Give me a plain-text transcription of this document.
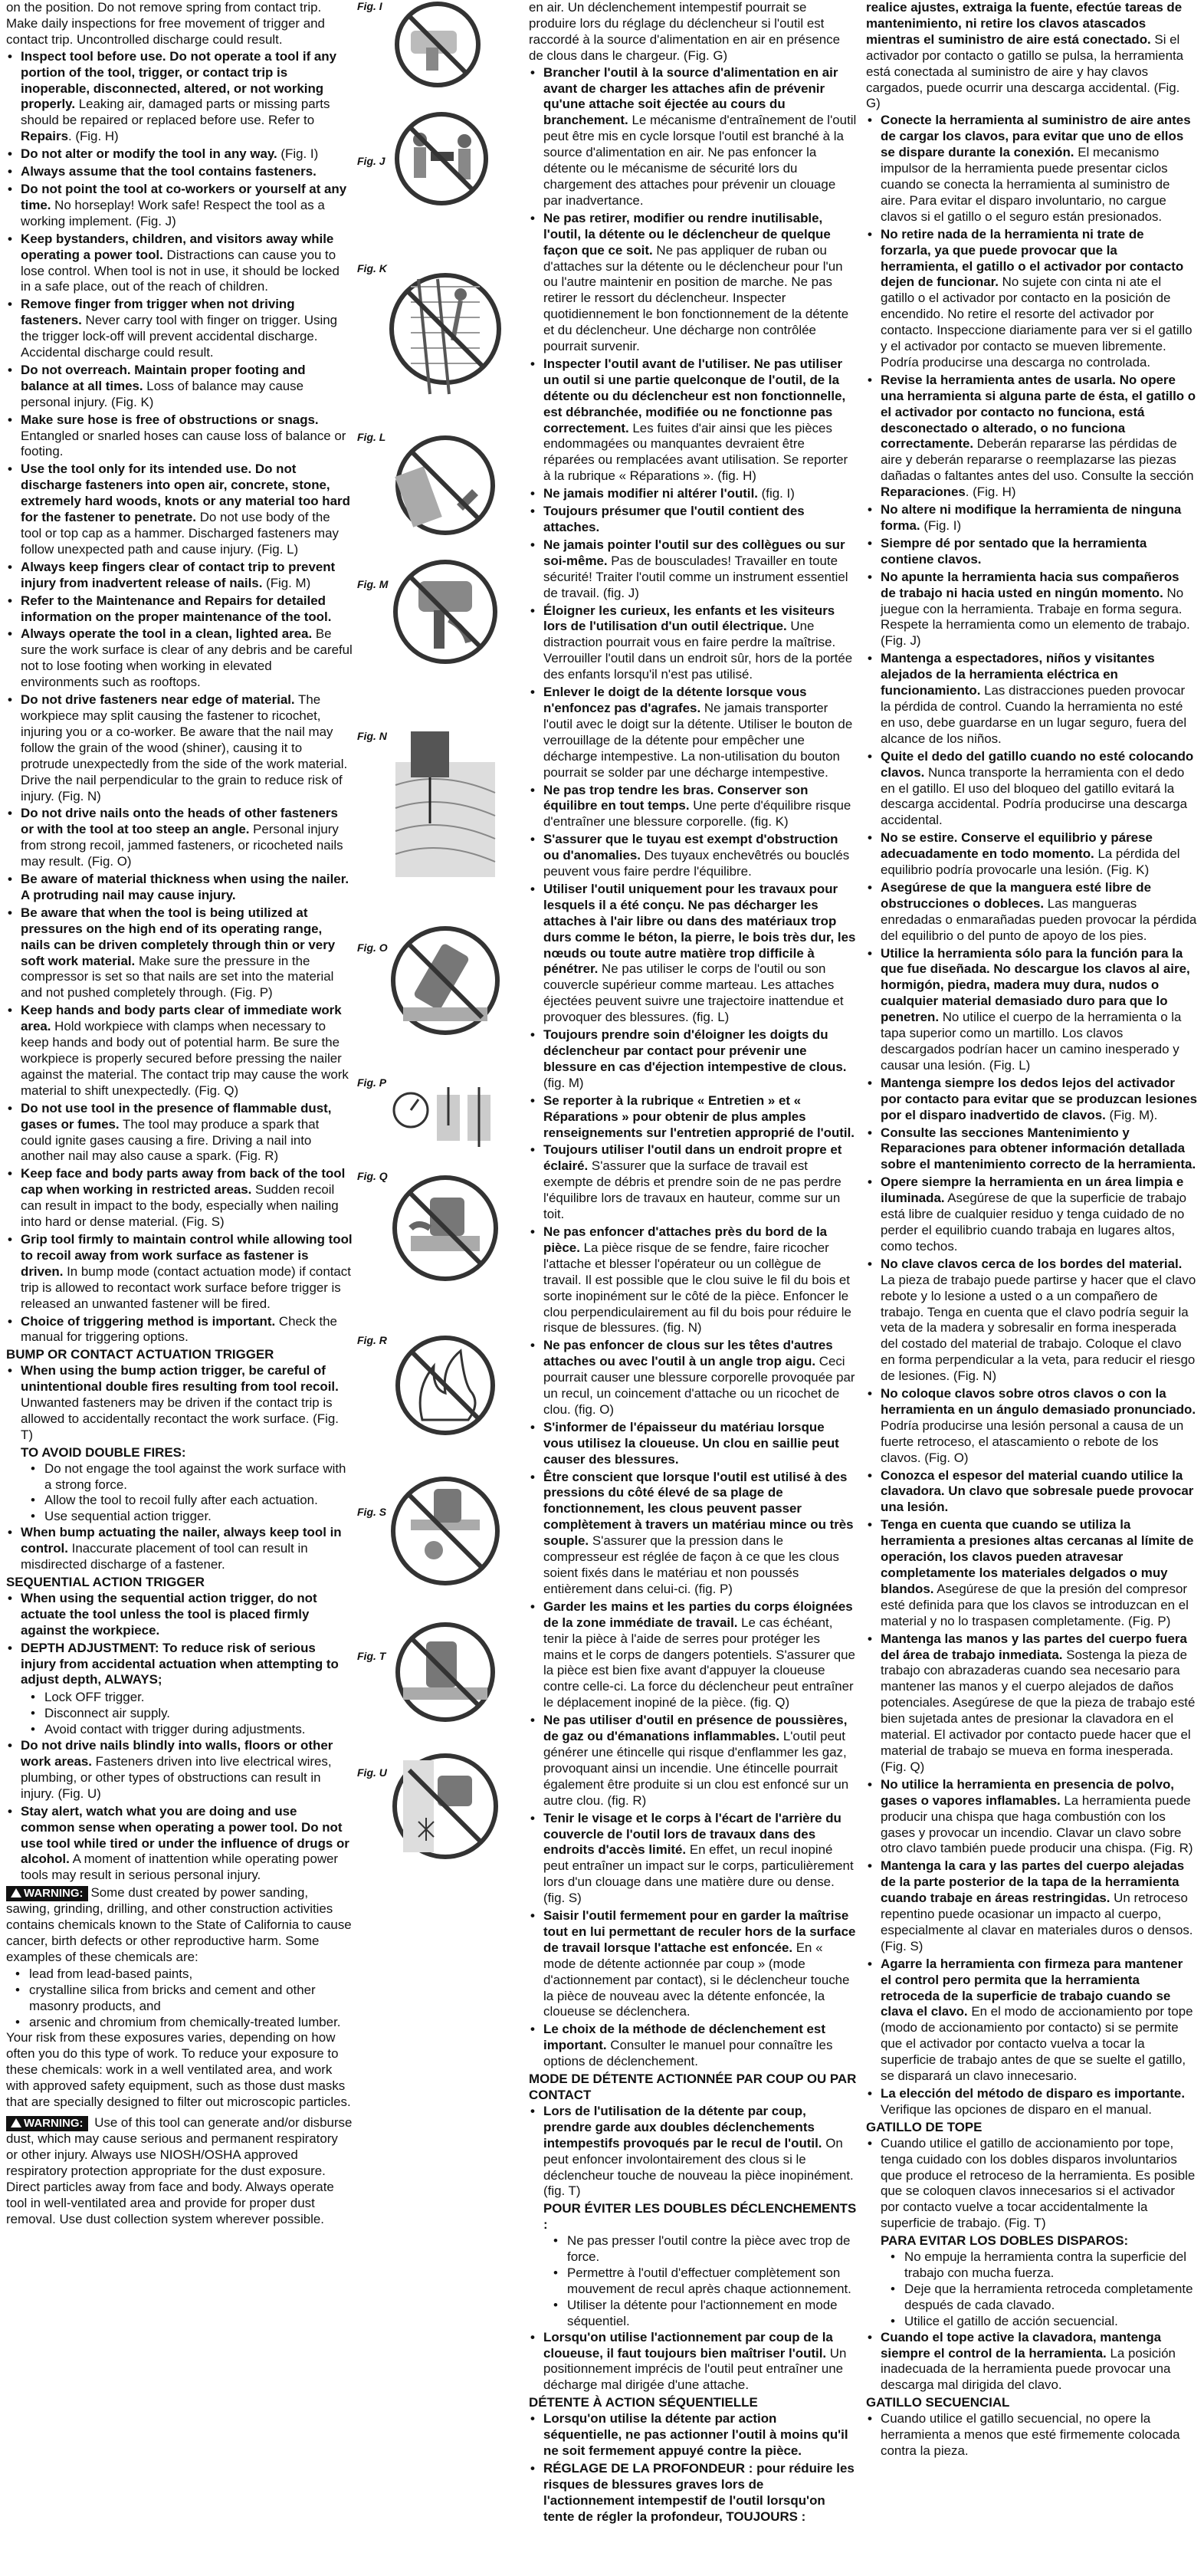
on the position. Do not remove spring from contact trip. Make daily inspections for free movement of trigger and contact trip. Uncontrolled discharge could result.

• Inspect tool before use. Do not operate a tool if any portion of the tool, trigger, or contact trip is inoperable, disconnected, altered, or not working properly. Leaking air, damaged parts or missing parts should be repaired or replaced before use. Refer to Repairs. (Fig. H)
• Do not alter or modify the tool in any way. (Fig. I)
• Always assume that the tool contains fasteners.
• Do not point the tool at co-workers or yourself at any time. No horseplay! Work safe! Respect the tool as a working implement. (Fig. J)
• Keep bystanders, children, and visitors away while operating a power tool. Distractions can cause you to lose control. When tool is not in use, it should be locked in a safe place, out of the reach of children.
• Remove finger from trigger when not driving fasteners. Never carry tool with finger on trigger. Using the trigger lock-off will prevent accidental discharge. Accidental discharge could result.
• Do not overreach. Maintain proper footing and balance at all times. Loss of balance may cause personal injury. (Fig. K)
• Make sure hose is free of obstructions or snags. Entangled or snarled hoses can cause loss of balance or footing.
• Use the tool only for its intended use. Do not discharge fasteners into open air, concrete, stone, extremely hard woods, knots or any material too hard for the fastener to penetrate. Do not use body of the tool or top cap as a hammer. Discharged fasteners may follow unexpected path and cause injury. (Fig. L)
• Always keep fingers clear of contact trip to prevent injury from inadvertent release of nails. (Fig. M)
• Refer to the Maintenance and Repairs for detailed information on the proper maintenance of the tool.
• Always operate the tool in a clean, lighted area. Be sure the work surface is clear of any debris and be careful not to lose footing when working in elevated environments such as rooftops.
• Do not drive fasteners near edge of material. The workpiece may split causing the fastener to ricochet, injuring you or a co-worker. Be aware that the nail may follow the grain of the wood (shiner), causing it to protrude unexpectedly from the side of the work material. Drive the nail perpendicular to the grain to reduce risk of injury. (Fig. N)
• Do not drive nails onto the heads of other fasteners or with the tool at too steep an angle. Personal injury from strong recoil, jammed fasteners, or ricocheted nails may result. (Fig. O)
• Be aware of material thickness when using the nailer. A protruding nail may cause injury.
• Be aware that when the tool is being utilized at pressures on the high end of its operating range, nails can be driven completely through thin or very soft work material. Make sure the pressure in the compressor is set so that nails are set into the material and not pushed completely through. (Fig. P)
• Keep hands and body parts clear of immediate work area. Hold workpiece with clamps when necessary to keep hands and body out of potential harm. Be sure the workpiece is properly secured before pressing the nailer against the material. The contact trip may cause the work material to shift unexpectedly. (Fig. Q)
• Do not use tool in the presence of flammable dust, gases or fumes. The tool may produce a spark that could ignite gases causing a fire. Driving a nail into another nail may also cause a spark. (Fig. R)
• Keep face and body parts away from back of the tool cap when working in restricted areas. Sudden recoil can result in impact to the body, especially when nailing into hard or dense material. (Fig. S)
• Grip tool firmly to maintain control while allowing tool to recoil away from work surface as fastener is driven. In bump mode (contact actuation mode) if contact trip is allowed to recontact work surface before trigger is released an unwanted fastener will be fired.
• Choice of triggering method is important. Check the manual for triggering options.
BUMP OR CONTACT ACTUATION TRIGGER
• When using the bump action trigger, be careful of unintentional double fires resulting from tool recoil. Unwanted fasteners may be driven if the contact trip is allowed to accidentally recontact the work surface. (Fig. T)
TO AVOID DOUBLE FIRES:
• Do not engage the tool against the work surface with a strong force.
• Allow the tool to recoil fully after each actuation.
• Use sequential action trigger.
• When bump actuating the nailer, always keep tool in control. Inaccurate placement of tool can result in misdirected discharge of a fastener.
SEQUENTIAL ACTION TRIGGER
• When using the sequential action trigger, do not actuate the tool unless the tool is placed firmly against the workpiece.
• DEPTH ADJUSTMENT: To reduce risk of serious injury from accidental actuation when attempting to adjust depth, ALWAYS;
• Lock OFF trigger.
• Disconnect air supply.
• Avoid contact with trigger during adjustments.
• Do not drive nails blindly into walls, floors or other work areas. Fasteners driven into live electrical wires, plumbing, or other types of obstructions can result in injury. (Fig. U)
• Stay alert, watch what you are doing and use common sense when operating a power tool. Do not use tool while tired or under the influence of drugs or alcohol. A moment of inattention while operating power tools may result in serious personal injury.

WARNING: Some dust created by power sanding, sawing, grinding, drilling, and other construction activities contains chemicals known to the State of California to cause cancer, birth defects or other reproductive harm. Some examples of these chemicals are:

• lead from lead-based paints,
• crystalline silica from bricks and cement and other masonry products, and
• arsenic and chromium from chemically-treated lumber.

Your risk from these exposures varies, depending on how often you do this type of work. To reduce your exposure to these chemicals: work in a well ventilated area, and work with approved safety equipment, such as those dust masks that are specially designed to filter out microscopic particles.

WARNING: Use of this tool can generate and/or disburse dust, which may cause serious and permanent respiratory or other injury. Always use NIOSH/OSHA approved respiratory protection appropriate for the dust exposure. Direct particles away from face and body. Always operate tool in well-ventilated area and provide for proper dust removal. Use dust collection system wherever possible.

Fig. I
Fig. J
Fig. K
Fig. L
Fig. M
Fig. N
Fig. O
Fig. P
Fig. Q
Fig. R
Fig. S
Fig. T
Fig. U

en air. Un déclenchement intempestif pourrait se produire lors du réglage du déclencheur si l'outil est raccordé à la source d'alimentation en air en présence de clous dans le chargeur. (Fig. G)

• Brancher l'outil à la source d'alimentation en air avant de charger les attaches afin de prévenir qu'une attache soit éjectée au cours du branchement. Le mécanisme d'entraînement de l'outil peut être mis en cycle lorsque l'outil est branché à la source d'alimentation en air. Ne pas enfoncer la détente ou le mécanisme de sécurité lors du chargement des attaches pour prévenir un clouage par inadvertance.
• Ne pas retirer, modifier ou rendre inutilisable, l'outil, la détente ou le déclencheur de quelque façon que ce soit. Ne pas appliquer de ruban ou d'attaches sur la détente ou le déclencheur pour l'un ou l'autre maintenir en position de marche. Ne pas retirer le ressort du déclencheur. Inspecter quotidiennement le bon fonctionnement de la détente et du déclencheur. Une décharge non contrôlée pourrait survenir.
• Inspecter l'outil avant de l'utiliser. Ne pas utiliser un outil si une partie quelconque de l'outil, de la détente ou du déclencheur est non fonctionnelle, est débranchée, modifiée ou ne fonctionne pas correctement. Les fuites d'air ainsi que les pièces endommagées ou manquantes devraient être réparées ou remplacées avant utilisation. Se reporter à la rubrique « Réparations ». (fig. H)
• Ne jamais modifier ni altérer l'outil. (fig. I)
• Toujours présumer que l'outil contient des attaches.
• Ne jamais pointer l'outil sur des collègues ou sur soi-même. Pas de bousculades! Travailler en toute sécurité! Traiter l'outil comme un instrument essentiel de travail. (fig. J)
• Éloigner les curieux, les enfants et les visiteurs lors de l'utilisation d'un outil électrique. Une distraction pourrait vous en faire perdre la maîtrise. Verrouiller l'outil dans un endroit sûr, hors de la portée des enfants lorsqu'il n'est pas utilisé.
• Enlever le doigt de la détente lorsque vous n'enfoncez pas d'agrafes. Ne jamais transporter l'outil avec le doigt sur la détente. Utiliser le bouton de verrouillage de la détente pour empêcher une décharge intempestive. La non-utilisation du bouton pourrait se solder par une décharge intempestive.
• Ne pas trop tendre les bras. Conserver son équilibre en tout temps. Une perte d'équilibre risque d'entraîner une blessure corporelle. (fig. K)
• S'assurer que le tuyau est exempt d'obstruction ou d'anomalies. Des tuyaux enchevêtrés ou bouclés peuvent vous faire perdre l'équilibre.
• Utiliser l'outil uniquement pour les travaux pour lesquels il a été conçu. Ne pas décharger les attaches à l'air libre ou dans des matériaux trop durs comme le béton, la pierre, le bois très dur, les nœuds ou toute autre matière trop difficile à pénétrer. Ne pas utiliser le corps de l'outil ou son couvercle supérieur comme marteau. Les attaches éjectées peuvent suivre une trajectoire inattendue et provoquer des blessures. (fig. L)
• Toujours prendre soin d'éloigner les doigts du déclencheur par contact pour prévenir une blessure en cas d'éjection intempestive de clous. (fig. M)
• Se reporter à la rubrique « Entretien » et « Réparations » pour obtenir de plus amples renseignements sur l'entretien approprié de l'outil.
• Toujours utiliser l'outil dans un endroit propre et éclairé. S'assurer que la surface de travail est exempte de débris et prendre soin de ne pas perdre l'équilibre lors de travaux en hauteur, comme sur un toit.
• Ne pas enfoncer d'attaches près du bord de la pièce. La pièce risque de se fendre, faire ricocher l'attache et blesser l'opérateur ou un collègue de travail. Il est possible que le clou suive le fil du bois et sorte inopinément sur le côté de la pièce. Enfoncer le clou perpendiculairement au fil du bois pour réduire le risque de blessures. (fig. N)
• Ne pas enfoncer de clous sur les têtes d'autres attaches ou avec l'outil à un angle trop aigu. Ceci pourrait causer une blessure corporelle provoquée par un recul, un coincement d'attache ou un ricochet de clou. (fig. O)
• S'informer de l'épaisseur du matériau lorsque vous utilisez la cloueuse. Un clou en saillie peut causer des blessures.
• Être conscient que lorsque l'outil est utilisé à des pressions du côté élevé de sa plage de fonctionnement, les clous peuvent passer complètement à travers un matériau mince ou très souple. S'assurer que la pression dans le compresseur est réglée de façon à ce que les clous soient fixés dans le matériau et non poussés entièrement dans celui-ci. (fig. P)
• Garder les mains et les parties du corps éloignées de la zone immédiate de travail. Le cas échéant, tenir la pièce à l'aide de serres pour protéger les mains et le corps de dangers potentiels. S'assurer que la pièce est bien fixe avant d'appuyer la cloueuse contre celle-ci. La force du déclencheur peut entraîner le déplacement inopiné de la pièce. (fig. Q)
• Ne pas utiliser d'outil en présence de poussières, de gaz ou d'émanations inflammables. L'outil peut générer une étincelle qui risque d'enflammer les gaz, provoquant ainsi un incendie. Une étincelle pourrait également être produite si un clou est enfoncé sur un autre clou. (fig. R)
• Tenir le visage et le corps à l'écart de l'arrière du couvercle de l'outil lors de travaux dans des endroits d'accès limité. En effet, un recul inopiné peut entraîner un impact sur le corps, particulièrement lors d'un clouage dans une matière dure ou dense. (fig. S)
• Saisir l'outil fermement pour en garder la maîtrise tout en lui permettant de reculer hors de la surface de travail lorsque l'attache est enfoncée. En « mode de détente actionnée par coup » (mode d'actionnement par contact), si le déclencheur touche la pièce de nouveau avec la détente enfoncée, la cloueuse se déclenchera.
• Le choix de la méthode de déclenchement est important. Consulter le manuel pour connaître les options de déclenchement.
MODE DE DÉTENTE ACTIONNÉE PAR COUP OU PAR CONTACT
• Lors de l'utilisation de la détente par coup, prendre garde aux doubles déclenchements intempestifs provoqués par le recul de l'outil. On peut enfoncer involontairement des clous si le déclencheur touche de nouveau la pièce inopinément. (fig. T)
POUR ÉVITER LES DOUBLES DÉCLENCHEMENTS :
• Ne pas presser l'outil contre la pièce avec trop de force.
• Permettre à l'outil d'effectuer complètement son mouvement de recul après chaque actionnement.
• Utiliser la détente pour l'actionnement en mode séquentiel.
• Lorsqu'on utilise l'actionnement par coup de la cloueuse, il faut toujours bien maîtriser l'outil. Un positionnement imprécis de l'outil peut entraîner une décharge mal dirigée d'une attache.
DÉTENTE À ACTION SÉQUENTIELLE
• Lorsqu'on utilise la détente par action séquentielle, ne pas actionner l'outil à moins qu'il ne soit fermement appuyé contre la pièce.
• RÉGLAGE DE LA PROFONDEUR : pour réduire les risques de blessures graves lors de l'actionnement intempestif de l'outil lorsqu'on tente de régler la profondeur, TOUJOURS :

realice ajustes, extraiga la fuente, efectúe tareas de mantenimiento, ni retire los clavos atascados mientras el suministro de aire está conectado. Si el activador por contacto o gatillo se pulsa, la herramienta está conectada al suministro de aire y hay clavos cargados, puede ocurrir una descarga accidental. (Fig. G)

• Conecte la herramienta al suministro de aire antes de cargar los clavos, para evitar que uno de ellos se dispare durante la conexión. El mecanismo impulsor de la herramienta puede presentar ciclos cuando se conecta la herramienta al suministro de aire. Para evitar el disparo involuntario, no cargue clavos si el gatillo o el seguro están presionados.
• No retire nada de la herramienta ni trate de forzarla, ya que puede provocar que la herramienta, el gatillo o el activador por contacto dejen de funcionar. No sujete con cinta ni ate el gatillo o el activador por contacto en la posición de encendido. No retire el resorte del activador por contacto. Inspeccione diariamente para ver si el gatillo y el activador por contacto se mueven libremente. Podría producirse una descarga no controlada.
• Revise la herramienta antes de usarla. No opere una herramienta si alguna parte de ésta, el gatillo o el activador por contacto no funciona, está desconectado o alterado, o no funciona correctamente. Deberán repararse las pérdidas de aire y deberán repararse o reemplazarse las piezas dañadas o faltantes antes del uso. Consulte la sección Reparaciones. (Fig. H)
• No altere ni modifique la herramienta de ninguna forma. (Fig. I)
• Siempre dé por sentado que la herramienta contiene clavos.
• No apunte la herramienta hacia sus compañeros de trabajo ni hacia usted en ningún momento. No juegue con la herramienta. Trabaje en forma segura. Respete la herramienta como un elemento de trabajo. (Fig. J)
• Mantenga a espectadores, niños y visitantes alejados de la herramienta eléctrica en funcionamiento. Las distracciones pueden provocar la pérdida de control. Cuando la herramienta no esté en uso, debe guardarse en un lugar seguro, fuera del alcance de los niños.
• Quite el dedo del gatillo cuando no esté colocando clavos. Nunca transporte la herramienta con el dedo en el gatillo. El uso del bloqueo del gatillo evitará la descarga accidental. Podría producirse una descarga accidental.
• No se estire. Conserve el equilibrio y párese adecuadamente en todo momento. La pérdida del equilibrio podría provocarle una lesión. (Fig. K)
• Asegúrese de que la manguera esté libre de obstrucciones o dobleces. Las mangueras enredadas o enmarañadas pueden provocar la pérdida del equilibrio o del punto de apoyo de los pies.
• Utilice la herramienta sólo para la función para la que fue diseñada. No descargue los clavos al aire, hormigón, piedra, madera muy dura, nudos o cualquier material demasiado duro para que lo penetren. No utilice el cuerpo de la herramienta o la tapa superior como un martillo. Los clavos descargados podrían hacer un camino inesperado y causar una lesión. (Fig. L)
• Mantenga siempre los dedos lejos del activador por contacto para evitar que se produzcan lesiones por el disparo inadvertido de clavos. (Fig. M).
• Consulte las secciones Mantenimiento y Reparaciones para obtener información detallada sobre el mantenimiento correcto de la herramienta.
• Opere siempre la herramienta en un área limpia e iluminada. Asegúrese de que la superficie de trabajo está libre de cualquier residuo y tenga cuidado de no perder el equilibrio cuando trabaja en lugares altos, como techos.
• No clave clavos cerca de los bordes del material. La pieza de trabajo puede partirse y hacer que el clavo rebote y lo lesione a usted o a un compañero de trabajo. Tenga en cuenta que el clavo podría seguir la veta de la madera y sobresalir en forma inesperada del costado del material de trabajo. Coloque el clavo en forma perpendicular a la veta, para reducir el riesgo de lesiones. (Fig. N)
• No coloque clavos sobre otros clavos o con la herramienta en un ángulo demasiado pronunciado. Podría producirse una lesión personal a causa de un fuerte retroceso, el atascamiento o rebote de los clavos. (Fig. O)
• Conozca el espesor del material cuando utilice la clavadora. Un clavo que sobresale puede provocar una lesión.
• Tenga en cuenta que cuando se utiliza la herramienta a presiones altas cercanas al límite de operación, los clavos pueden atravesar completamente los materiales delgados o muy blandos. Asegúrese de que la presión del compresor esté definida para que los clavos se introduzcan en el material y no lo traspasen completamente. (Fig. P)
• Mantenga las manos y las partes del cuerpo fuera del área de trabajo inmediata. Sostenga la pieza de trabajo con abrazaderas cuando sea necesario para mantener las manos y el cuerpo alejados de daños potenciales. Asegúrese de que la pieza de trabajo esté bien sujetada antes de presionar la clavadora en el material. El activador por contacto puede hacer que el material de trabajo se mueva en forma inesperada. (Fig. Q)
• No utilice la herramienta en presencia de polvo, gases o vapores inflamables. La herramienta puede producir una chispa que haga combustión con los gases y provocar un incendio. Clavar un clavo sobre otro clavo también puede producir una chispa. (Fig. R)
• Mantenga la cara y las partes del cuerpo alejadas de la parte posterior de la tapa de la herramienta cuando trabaje en áreas restringidas. Un retroceso repentino puede ocasionar un impacto al cuerpo, especialmente al clavar en materiales duros o densos. (Fig. S)
• Agarre la herramienta con firmeza para mantener el control pero permita que la herramienta retroceda de la superficie de trabajo cuando se clava el clavo. En el modo de accionamiento por tope (modo de accionamiento por contacto) si se permite que el activador por contacto vuelva a tocar la superficie de trabajo antes de que se suelte el gatillo, se disparará un clavo innecesario.
• La elección del método de disparo es importante. Verifique las opciones de disparo en el manual.
GATILLO DE TOPE
• Cuando utilice el gatillo de accionamiento por tope, tenga cuidado con los dobles disparos involuntarios que produce el retroceso de la herramienta. Es posible que se coloquen clavos innecesarios si el activador por contacto vuelve a tocar accidentalmente la superficie de trabajo. (Fig. T)
PARA EVITAR LOS DOBLES DISPAROS:
• No empuje la herramienta contra la superficie del trabajo con mucha fuerza.
• Deje que la herramienta retroceda completamente después de cada clavado.
• Utilice el gatillo de acción secuencial.
• Cuando el tope active la clavadora, mantenga siempre el control de la herramienta. La posición inadecuada de la herramienta puede provocar una descarga mal dirigida del clavo.
GATILLO SECUENCIAL
• Cuando utilice el gatillo secuencial, no opere la herramienta a menos que esté firmemente colocada contra la pieza.
